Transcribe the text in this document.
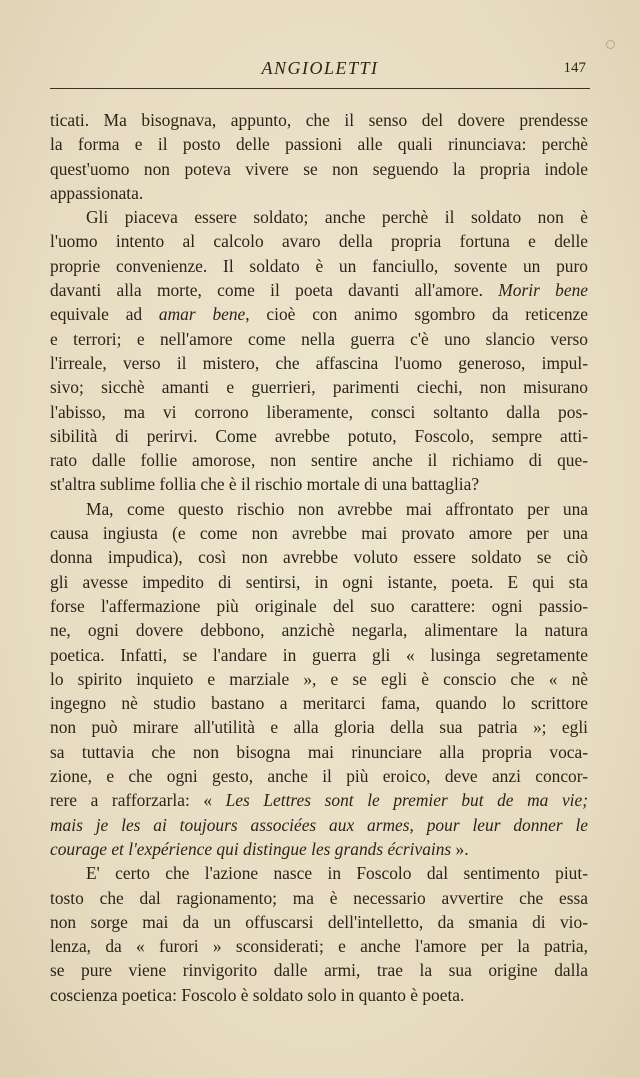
ANGIOLETTI	147

ticati. Ma bisognava, appunto, che il senso del dovere prendesse
la forma e il posto delle passioni alle quali rinunciava: perchè
quest'uomo non poteva vivere se non seguendo la propria indole
appassionata.

Gli piaceva essere soldato; anche perchè il soldato non è
l'uomo intento al calcolo avaro della propria fortuna e delle
proprie convenienze. Il soldato è un fanciullo, sovente un puro
davanti alla morte, come il poeta davanti all'amore. Morir bene
equivale ad amar bene, cioè con animo sgombro da reticenze
e terrori; e nell'amore come nella guerra c'è uno slancio verso
l'irreale, verso il mistero, che affascina l'uomo generoso, impul-
sivo; sicchè amanti e guerrieri, parimenti ciechi, non misurano
l'abisso, ma vi corrono liberamente, consci soltanto dalla pos-
sibilità di perirvi. Come avrebbe potuto, Foscolo, sempre atti-
rato dalle follie amorose, non sentire anche il richiamo di que-
st'altra sublime follia che è il rischio mortale di una battaglia?

Ma, come questo rischio non avrebbe mai affrontato per una
causa ingiusta (e come non avrebbe mai provato amore per una
donna impudica), così non avrebbe voluto essere soldato se ciò
gli avesse impedito di sentirsi, in ogni istante, poeta. E qui sta
forse l'affermazione più originale del suo carattere: ogni passio-
ne, ogni dovere debbono, anzichè negarla, alimentare la natura
poetica. Infatti, se l'andare in guerra gli « lusinga segretamente
lo spirito inquieto e marziale », e se egli è conscio che « nè
ingegno nè studio bastano a meritarci fama, quando lo scrittore
non può mirare all'utilità e alla gloria della sua patria »; egli
sa tuttavia che non bisogna mai rinunciare alla propria voca-
zione, e che ogni gesto, anche il più eroico, deve anzi concor-
rere a rafforzarla: « Les Lettres sont le premier but de ma vie;
mais je les ai toujours associées aux armes, pour leur donner le
courage et l'expérience qui distingue les grands écrivains ».

E' certo che l'azione nasce in Foscolo dal sentimento piut-
tosto che dal ragionamento; ma è necessario avvertire che essa
non sorge mai da un offuscarsi dell'intelletto, da smania di vio-
lenza, da « furori » sconsiderati; e anche l'amore per la patria,
se pure viene rinvigorito dalle armi, trae la sua origine dalla
coscienza poetica: Foscolo è soldato solo in quanto è poeta.
